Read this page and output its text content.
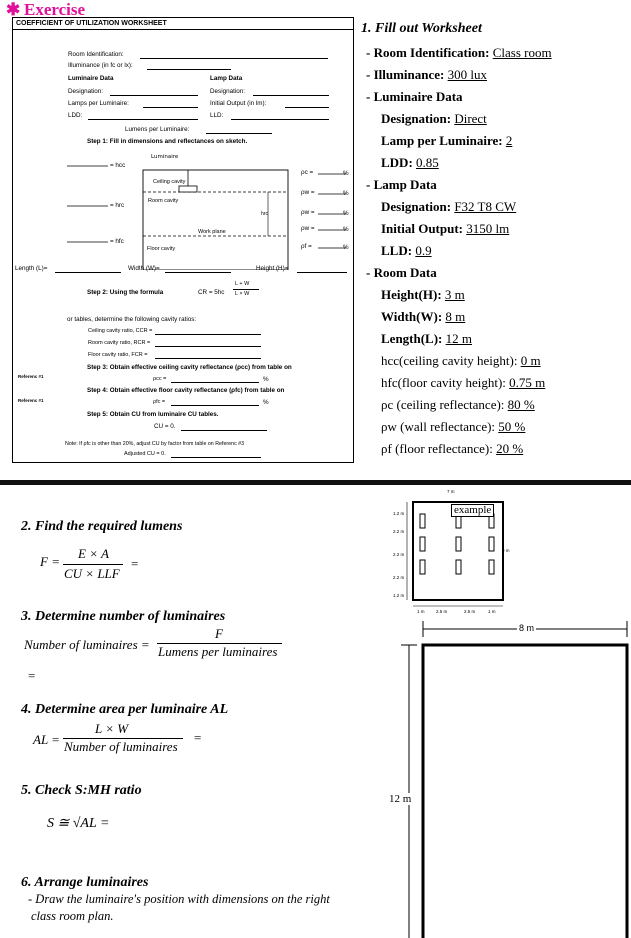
✱ Exercise
COEFFICIENT OF UTILIZATION WORKSHEET
Room Identification:
Illuminance (in fc or lx):
Luminaire Data	Lamp Data
Designation:	Designation:
Lamps per Luminaire:	Initial Output (in lm):
LDD:	LLD:
Lumens per Luminaire:
Step 1: Fill in dimensions and reflectances on sketch.
Luminaire
= hcc
Ceiling cavity
= hrc
Room cavity
hrc
Work plane
= hfc
Floor cavity
ρc =
ρw =
ρw =
ρw =
ρf =
%
%
%
%
%
Length (L)=	Width (W)=	Height (H)=
Step 2: Using the formula	CR = 5hc
L + W
L × W
or tables, determine the following cavity ratios:
Ceiling cavity ratio, CCR =
Room cavity ratio, RCR =
Floor cavity ratio, FCR =
Step 3: Obtain effective ceiling cavity reflectance (ρcc) from table on
Referenc #1	ρcc =	%
Step 4: Obtain effective floor cavity reflectance (ρfc) from table on
Referenc #1	ρfc =	%
Step 5: Obtain CU from luminaire CU tables.
CU = 0.
Note: If ρfc is other than 20%, adjust CU by factor from table on Referenc #3
Adjusted CU = 0.
1. Fill out Worksheet
- Room Identification: Class room
- Illuminance: 300 lux
- Luminaire Data
Designation: Direct
Lamp per Luminaire: 2
LDD: 0.85
- Lamp Data
Designation: F32 T8 CW
Initial Output: 3150 lm
LLD: 0.9
- Room Data
Height(H): 3 m
Width(W): 8 m
Length(L): 12 m
hcc(ceiling cavity height): 0 m
hfc(floor cavity height): 0.75 m
ρc (ceiling reflectance): 80 %
ρw (wall reflectance): 50 %
ρf (floor reflectance): 20 %
2. Find the required lumens
F =
E × A
CU × LLF
=
3. Determine number of luminaires
Number of luminaires =
F
Lumens per luminaires
=
4. Determine area per luminaire AL
AL =
L × W
Number of luminaires
=
5. Check S:MH ratio
S ≅ √AL =
6. Arrange luminaires
- Draw the luminaire's position with dimensions on the right
class room plan.
7 m
9 m
example
1.2 m
2.2 m
2.2 m
2.2 m
1.2 m
1 m	2.5 m	2.5 m	1 m
8 m
12 m
